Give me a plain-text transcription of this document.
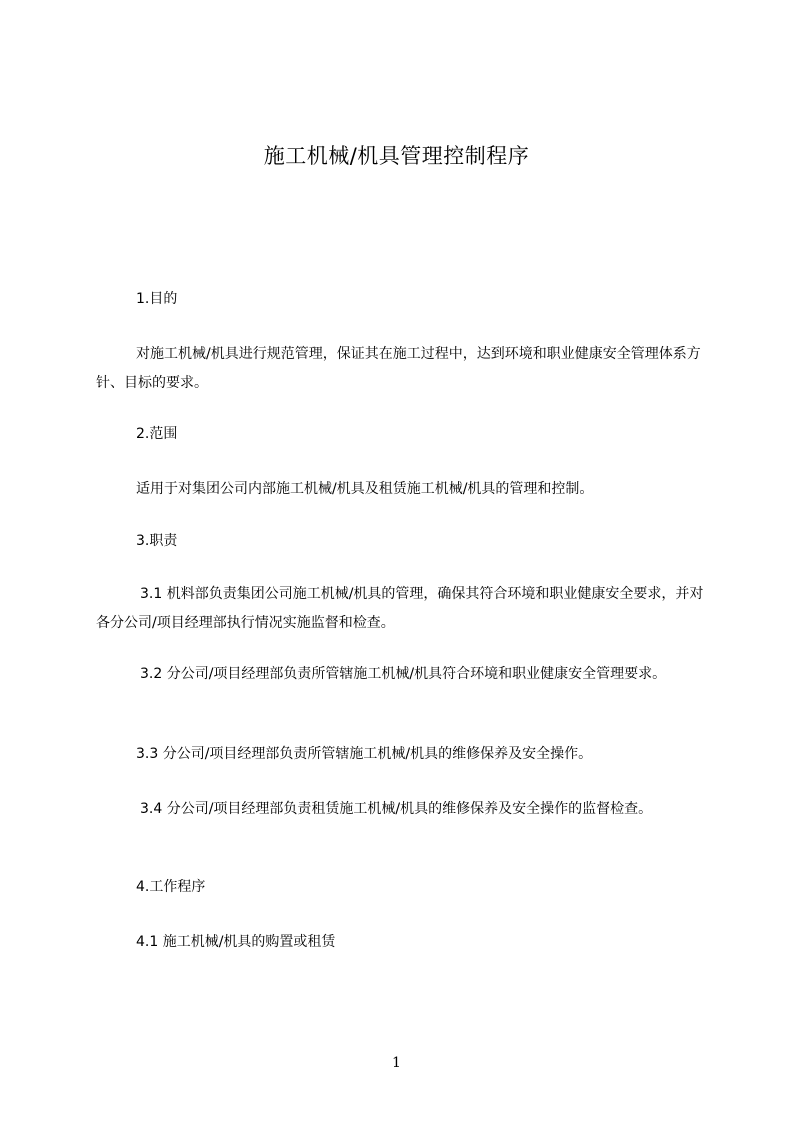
施工机械/机具管理控制程序
1.目的
对施工机械/机具进行规范管理，保证其在施工过程中，达到环境和职业健康安全管理体系方针、目标的要求。
2.范围
适用于对集团公司内部施工机械/机具及租赁施工机械/机具的管理和控制。
3.职责
3.1 机料部负责集团公司施工机械/机具的管理，确保其符合环境和职业健康安全要求，并对各分公司/项目经理部执行情况实施监督和检查。
3.2 分公司/项目经理部负责所管辖施工机械/机具符合环境和职业健康安全管理要求。
3.3 分公司/项目经理部负责所管辖施工机械/机具的维修保养及安全操作。
3.4 分公司/项目经理部负责租赁施工机械/机具的维修保养及安全操作的监督检查。
4.工作程序
4.1 施工机械/机具的购置或租赁
1
